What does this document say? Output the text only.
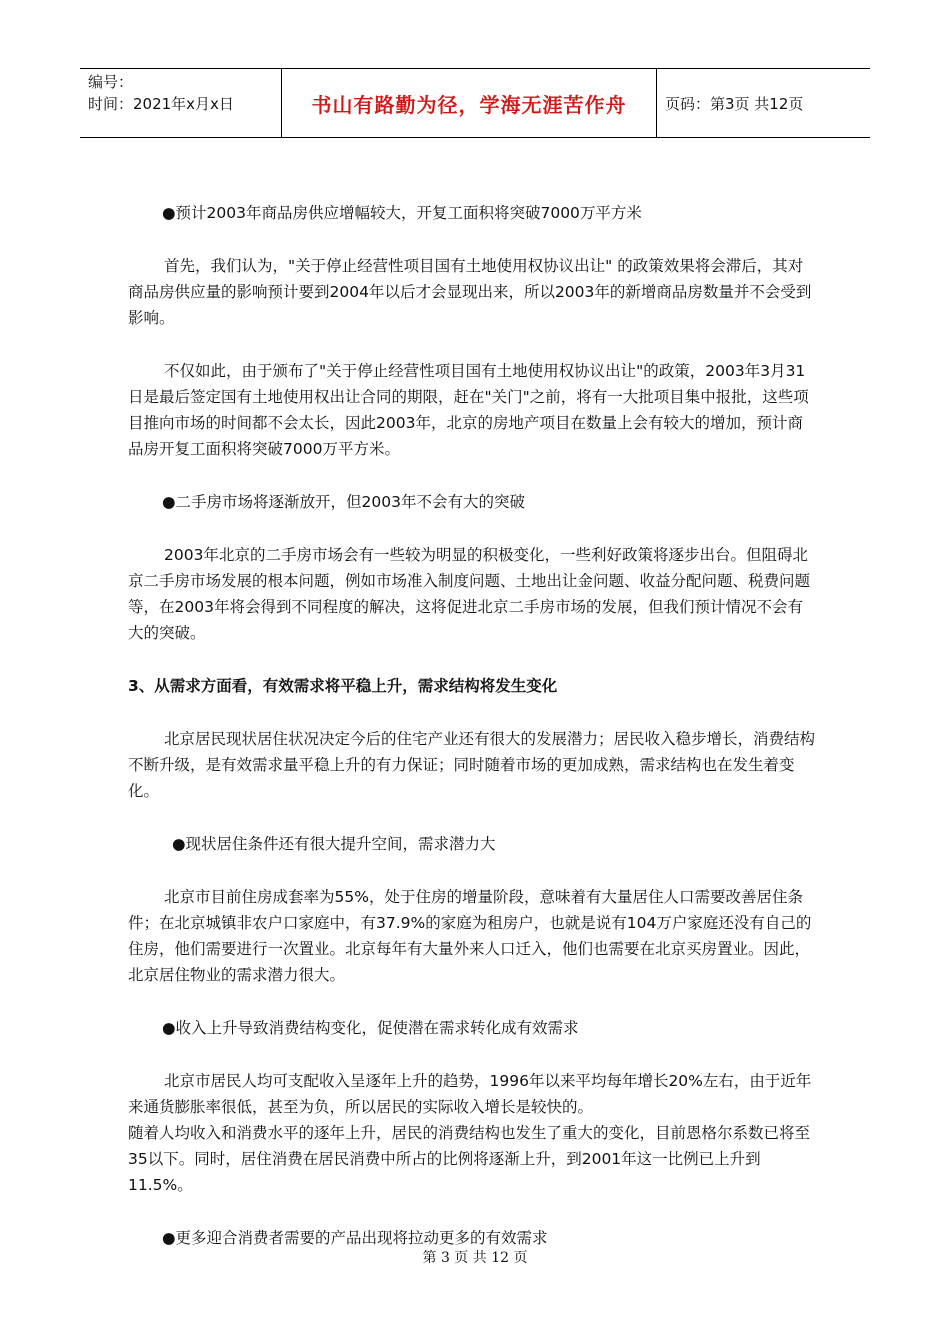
编号：
时间：2021年x月x日	书山有路勤为径，学海无涯苦作舟	页码：第3页 共12页

●预计2003年商品房供应增幅较大，开复工面积将突破7000万平方米

首先，我们认为，"关于停止经营性项目国有土地使用权协议出让" 的政策效果将会滞后，其对商品房供应量的影响预计要到2004年以后才会显现出来，所以2003年的新增商品房数量并不会受到影响。

不仅如此，由于颁布了"关于停止经营性项目国有土地使用权协议出让"的政策，2003年3月31日是最后签定国有土地使用权出让合同的期限，赶在"关门"之前，将有一大批项目集中报批，这些项目推向市场的时间都不会太长，因此2003年，北京的房地产项目在数量上会有较大的增加，预计商品房开复工面积将突破7000万平方米。

●二手房市场将逐渐放开，但2003年不会有大的突破

2003年北京的二手房市场会有一些较为明显的积极变化，一些利好政策将逐步出台。但阻碍北京二手房市场发展的根本问题，例如市场准入制度问题、土地出让金问题、收益分配问题、税费问题等，在2003年将会得到不同程度的解决，这将促进北京二手房市场的发展，但我们预计情况不会有大的突破。

3、从需求方面看，有效需求将平稳上升，需求结构将发生变化

北京居民现状居住状况决定今后的住宅产业还有很大的发展潜力；居民收入稳步增长，消费结构不断升级，是有效需求量平稳上升的有力保证；同时随着市场的更加成熟，需求结构也在发生着变化。

●现状居住条件还有很大提升空间，需求潜力大

北京市目前住房成套率为55%，处于住房的增量阶段，意味着有大量居住人口需要改善居住条件；在北京城镇非农户口家庭中，有37.9%的家庭为租房户，也就是说有104万户家庭还没有自己的住房，他们需要进行一次置业。北京每年有大量外来人口迁入，他们也需要在北京买房置业。因此，北京居住物业的需求潜力很大。

●收入上升导致消费结构变化，促使潜在需求转化成有效需求

北京市居民人均可支配收入呈逐年上升的趋势，1996年以来平均每年增长20%左右，由于近年来通货膨胀率很低，甚至为负，所以居民的实际收入增长是较快的。

随着人均收入和消费水平的逐年上升，居民的消费结构也发生了重大的变化，目前恩格尔系数已将至35以下。同时，居住消费在居民消费中所占的比例将逐渐上升，到2001年这一比例已上升到11.5%。

●更多迎合消费者需要的产品出现将拉动更多的有效需求

第 3 页 共 12 页
